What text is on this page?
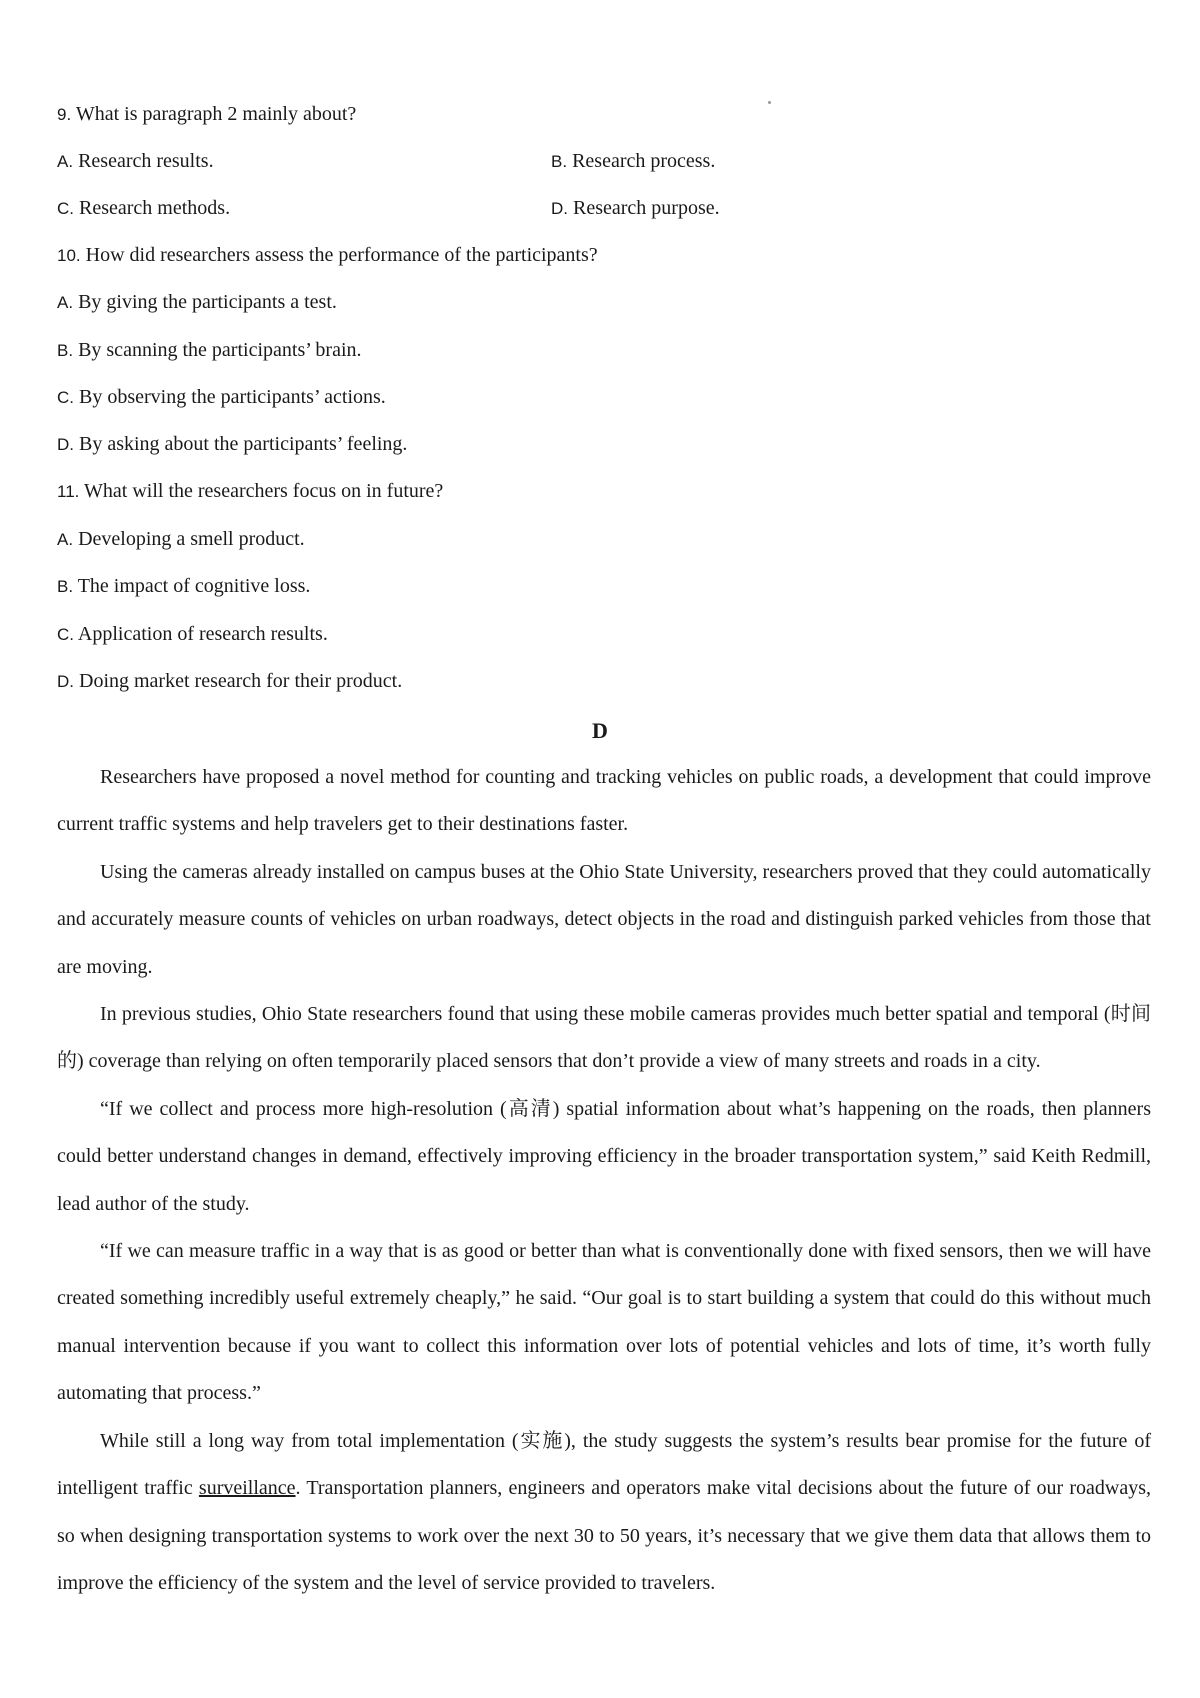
9. What is paragraph 2 mainly about?
A. Research results.	B. Research process.
C. Research methods.	D. Research purpose.
10. How did researchers assess the performance of the participants?
A. By giving the participants a test.
B. By scanning the participants’ brain.
C. By observing the participants’ actions.
D. By asking about the participants’ feeling.
11. What will the researchers focus on in future?
A. Developing a smell product.
B. The impact of cognitive loss.
C. Application of research results.
D. Doing market research for their product.
D

Researchers have proposed a novel method for counting and tracking vehicles on public roads, a development that could improve current traffic systems and help travelers get to their destinations faster.

Using the cameras already installed on campus buses at the Ohio State University, researchers proved that they could automatically and accurately measure counts of vehicles on urban roadways, detect objects in the road and distinguish parked vehicles from those that are moving.

In previous studies, Ohio State researchers found that using these mobile cameras provides much better spatial and temporal (时间的) coverage than relying on often temporarily placed sensors that don’t provide a view of many streets and roads in a city.

“If we collect and process more high-resolution (高清) spatial information about what’s happening on the roads, then planners could better understand changes in demand, effectively improving efficiency in the broader transportation system,” said Keith Redmill, lead author of the study.

“If we can measure traffic in a way that is as good or better than what is conventionally done with fixed sensors, then we will have created something incredibly useful extremely cheaply,” he said. “Our goal is to start building a system that could do this without much manual intervention because if you want to collect this information over lots of potential vehicles and lots of time, it’s worth fully automating that process.”

While still a long way from total implementation (实施), the study suggests the system’s results bear promise for the future of intelligent traffic surveillance. Transportation planners, engineers and operators make vital decisions about the future of our roadways, so when designing transportation systems to work over the next 30 to 50 years, it’s necessary that we give them data that allows them to improve the efficiency of the system and the level of service provided to travelers.
